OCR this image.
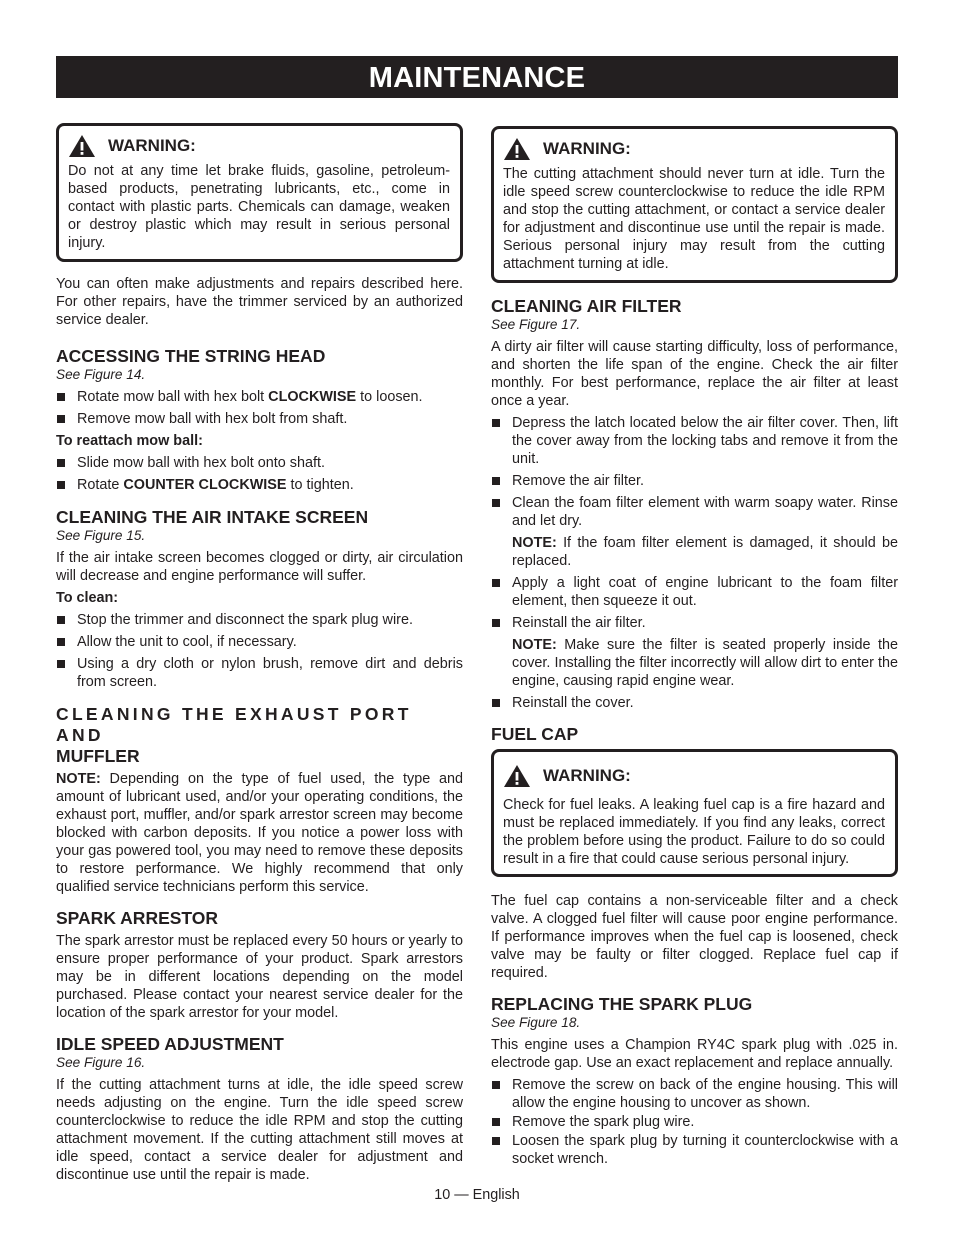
MAINTENANCE
WARNING:

Do not at any time let brake fluids, gasoline, petroleum-based products, penetrating lubricants, etc., come in contact with plastic parts. Chemicals can damage, weaken or destroy plastic which may result in serious personal injury.

You can often make adjustments and repairs described here. For other repairs, have the trimmer serviced by an authorized service dealer.

ACCESSING THE STRING HEAD
See Figure 14.
Rotate mow ball with hex bolt CLOCKWISE to loosen.
Remove mow ball with hex bolt from shaft.
To reattach mow ball:
Slide mow ball with hex bolt onto shaft.
Rotate COUNTER CLOCKWISE to tighten.
CLEANING THE AIR INTAKE SCREEN
See Figure 15.

If the air intake screen becomes clogged or dirty, air circulation will decrease and engine performance will suffer.

To clean:
Stop the trimmer and disconnect the spark plug wire.
Allow the unit to cool, if necessary.
Using a dry cloth or nylon brush, remove dirt and debris from screen.
CLEANING THE EXHAUST PORT AND
MUFFLER

NOTE: Depending on the type of fuel used, the type and amount of lubricant used, and/or your operating conditions, the exhaust port, muffler, and/or spark arrestor screen may become blocked with carbon deposits. If you notice a power loss with your gas powered tool, you may need to remove these deposits to restore performance. We highly recommend that only qualified service technicians perform this service.

SPARK ARRESTOR

The spark arrestor must be replaced every 50 hours or yearly to ensure proper performance of your product. Spark arrestors may be in different locations depending on the model purchased. Please contact your nearest service dealer for the location of the spark arrestor for your model.

IDLE SPEED ADJUSTMENT
See Figure 16.

If the cutting attachment turns at idle, the idle speed screw needs adjusting on the engine. Turn the idle speed screw counterclockwise to reduce the idle RPM and stop the cutting attachment movement. If the cutting attachment still moves at idle speed, contact a service dealer for adjustment and discontinue use until the repair is made.

WARNING:

The cutting attachment should never turn at idle. Turn the idle speed screw counterclockwise to reduce the idle RPM and stop the cutting attachment, or contact a service dealer for adjustment and discontinue use until the repair is made. Serious personal injury may result from the cutting attachment turning at idle.

CLEANING AIR FILTER
See Figure 17.

A dirty air filter will cause starting difficulty, loss of performance, and shorten the life span of the engine. Check the air filter monthly. For best performance, replace the air filter at least once a year.

Depress the latch located below the air filter cover. Then, lift the cover away from the locking tabs and remove it from the unit.
Remove the air filter.
Clean the foam filter element with warm soapy water. Rinse and let dry.
NOTE: If the foam filter element is damaged, it should be replaced.
Apply a light coat of engine lubricant to the foam filter element, then squeeze it out.
Reinstall the air filter.
NOTE: Make sure the filter is seated properly inside the cover. Installing the filter incorrectly will allow dirt to enter the engine, causing rapid engine wear.
Reinstall the cover.
FUEL CAP
WARNING:

Check for fuel leaks. A leaking fuel cap is a fire hazard and must be replaced immediately. If you find any leaks, correct the problem before using the product. Failure to do so could result in a fire that could cause serious personal injury.

The fuel cap contains a non-serviceable filter and a check valve. A clogged fuel filter will cause poor engine performance. If performance improves when the fuel cap is loosened, check valve may be faulty or filter clogged. Replace fuel cap if required.

REPLACING THE SPARK PLUG
See Figure 18.

This engine uses a Champion RY4C spark plug with .025 in. electrode gap. Use an exact replacement and replace annually.

Remove the screw on back of the engine housing. This will allow the engine housing to uncover as shown.
Remove the spark plug wire.
Loosen the spark plug by turning it counterclockwise with a socket wrench.
10 — English
